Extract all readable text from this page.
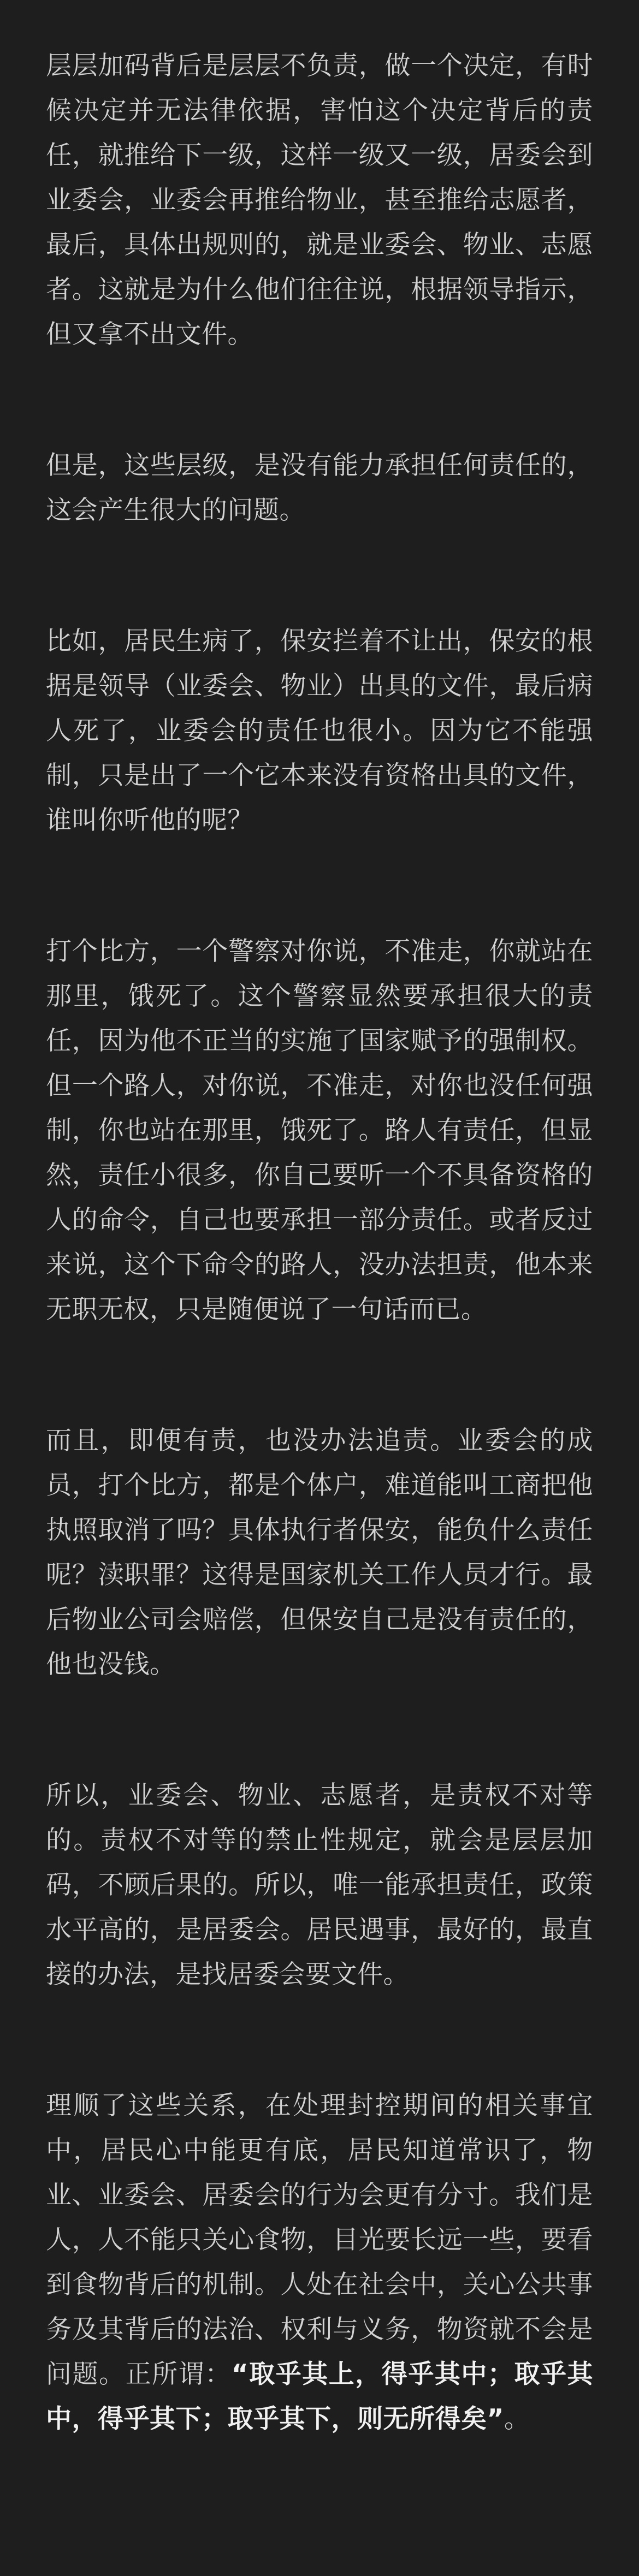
层层加码背后是层层不负责，做一个决定，有时候决定并无法律依据，害怕这个决定背后的责任，就推给下一级，这样一级又一级，居委会到业委会，业委会再推给物业，甚至推给志愿者，最后，具体出规则的，就是业委会、物业、志愿者。这就是为什么他们往往说，根据领导指示，但又拿不出文件。

但是，这些层级，是没有能力承担任何责任的，这会产生很大的问题。

比如，居民生病了，保安拦着不让出，保安的根据是领导（业委会、物业）出具的文件，最后病人死了，业委会的责任也很小。因为它不能强制，只是出了一个它本来没有资格出具的文件，谁叫你听他的呢？

打个比方，一个警察对你说，不准走，你就站在那里，饿死了。这个警察显然要承担很大的责任，因为他不正当的实施了国家赋予的强制权。但一个路人，对你说，不准走，对你也没任何强制，你也站在那里，饿死了。路人有责任，但显然，责任小很多，你自己要听一个不具备资格的人的命令，自己也要承担一部分责任。或者反过来说，这个下命令的路人，没办法担责，他本来无职无权，只是随便说了一句话而已。

而且，即便有责，也没办法追责。业委会的成员，打个比方，都是个体户，难道能叫工商把他执照取消了吗？具体执行者保安，能负什么责任呢？渎职罪？这得是国家机关工作人员才行。最后物业公司会赔偿，但保安自己是没有责任的，他也没钱。

所以，业委会、物业、志愿者，是责权不对等的。责权不对等的禁止性规定，就会是层层加码，不顾后果的。所以，唯一能承担责任，政策水平高的，是居委会。居民遇事，最好的，最直接的办法，是找居委会要文件。

理顺了这些关系，在处理封控期间的相关事宜中，居民心中能更有底，居民知道常识了，物业、业委会、居委会的行为会更有分寸。我们是人，人不能只关心食物，目光要长远一些，要看到食物背后的机制。人处在社会中，关心公共事务及其背后的法治、权利与义务，物资就不会是问题。正所谓：“取乎其上，得乎其中；取乎其中，得乎其下；取乎其下，则无所得矣”。
